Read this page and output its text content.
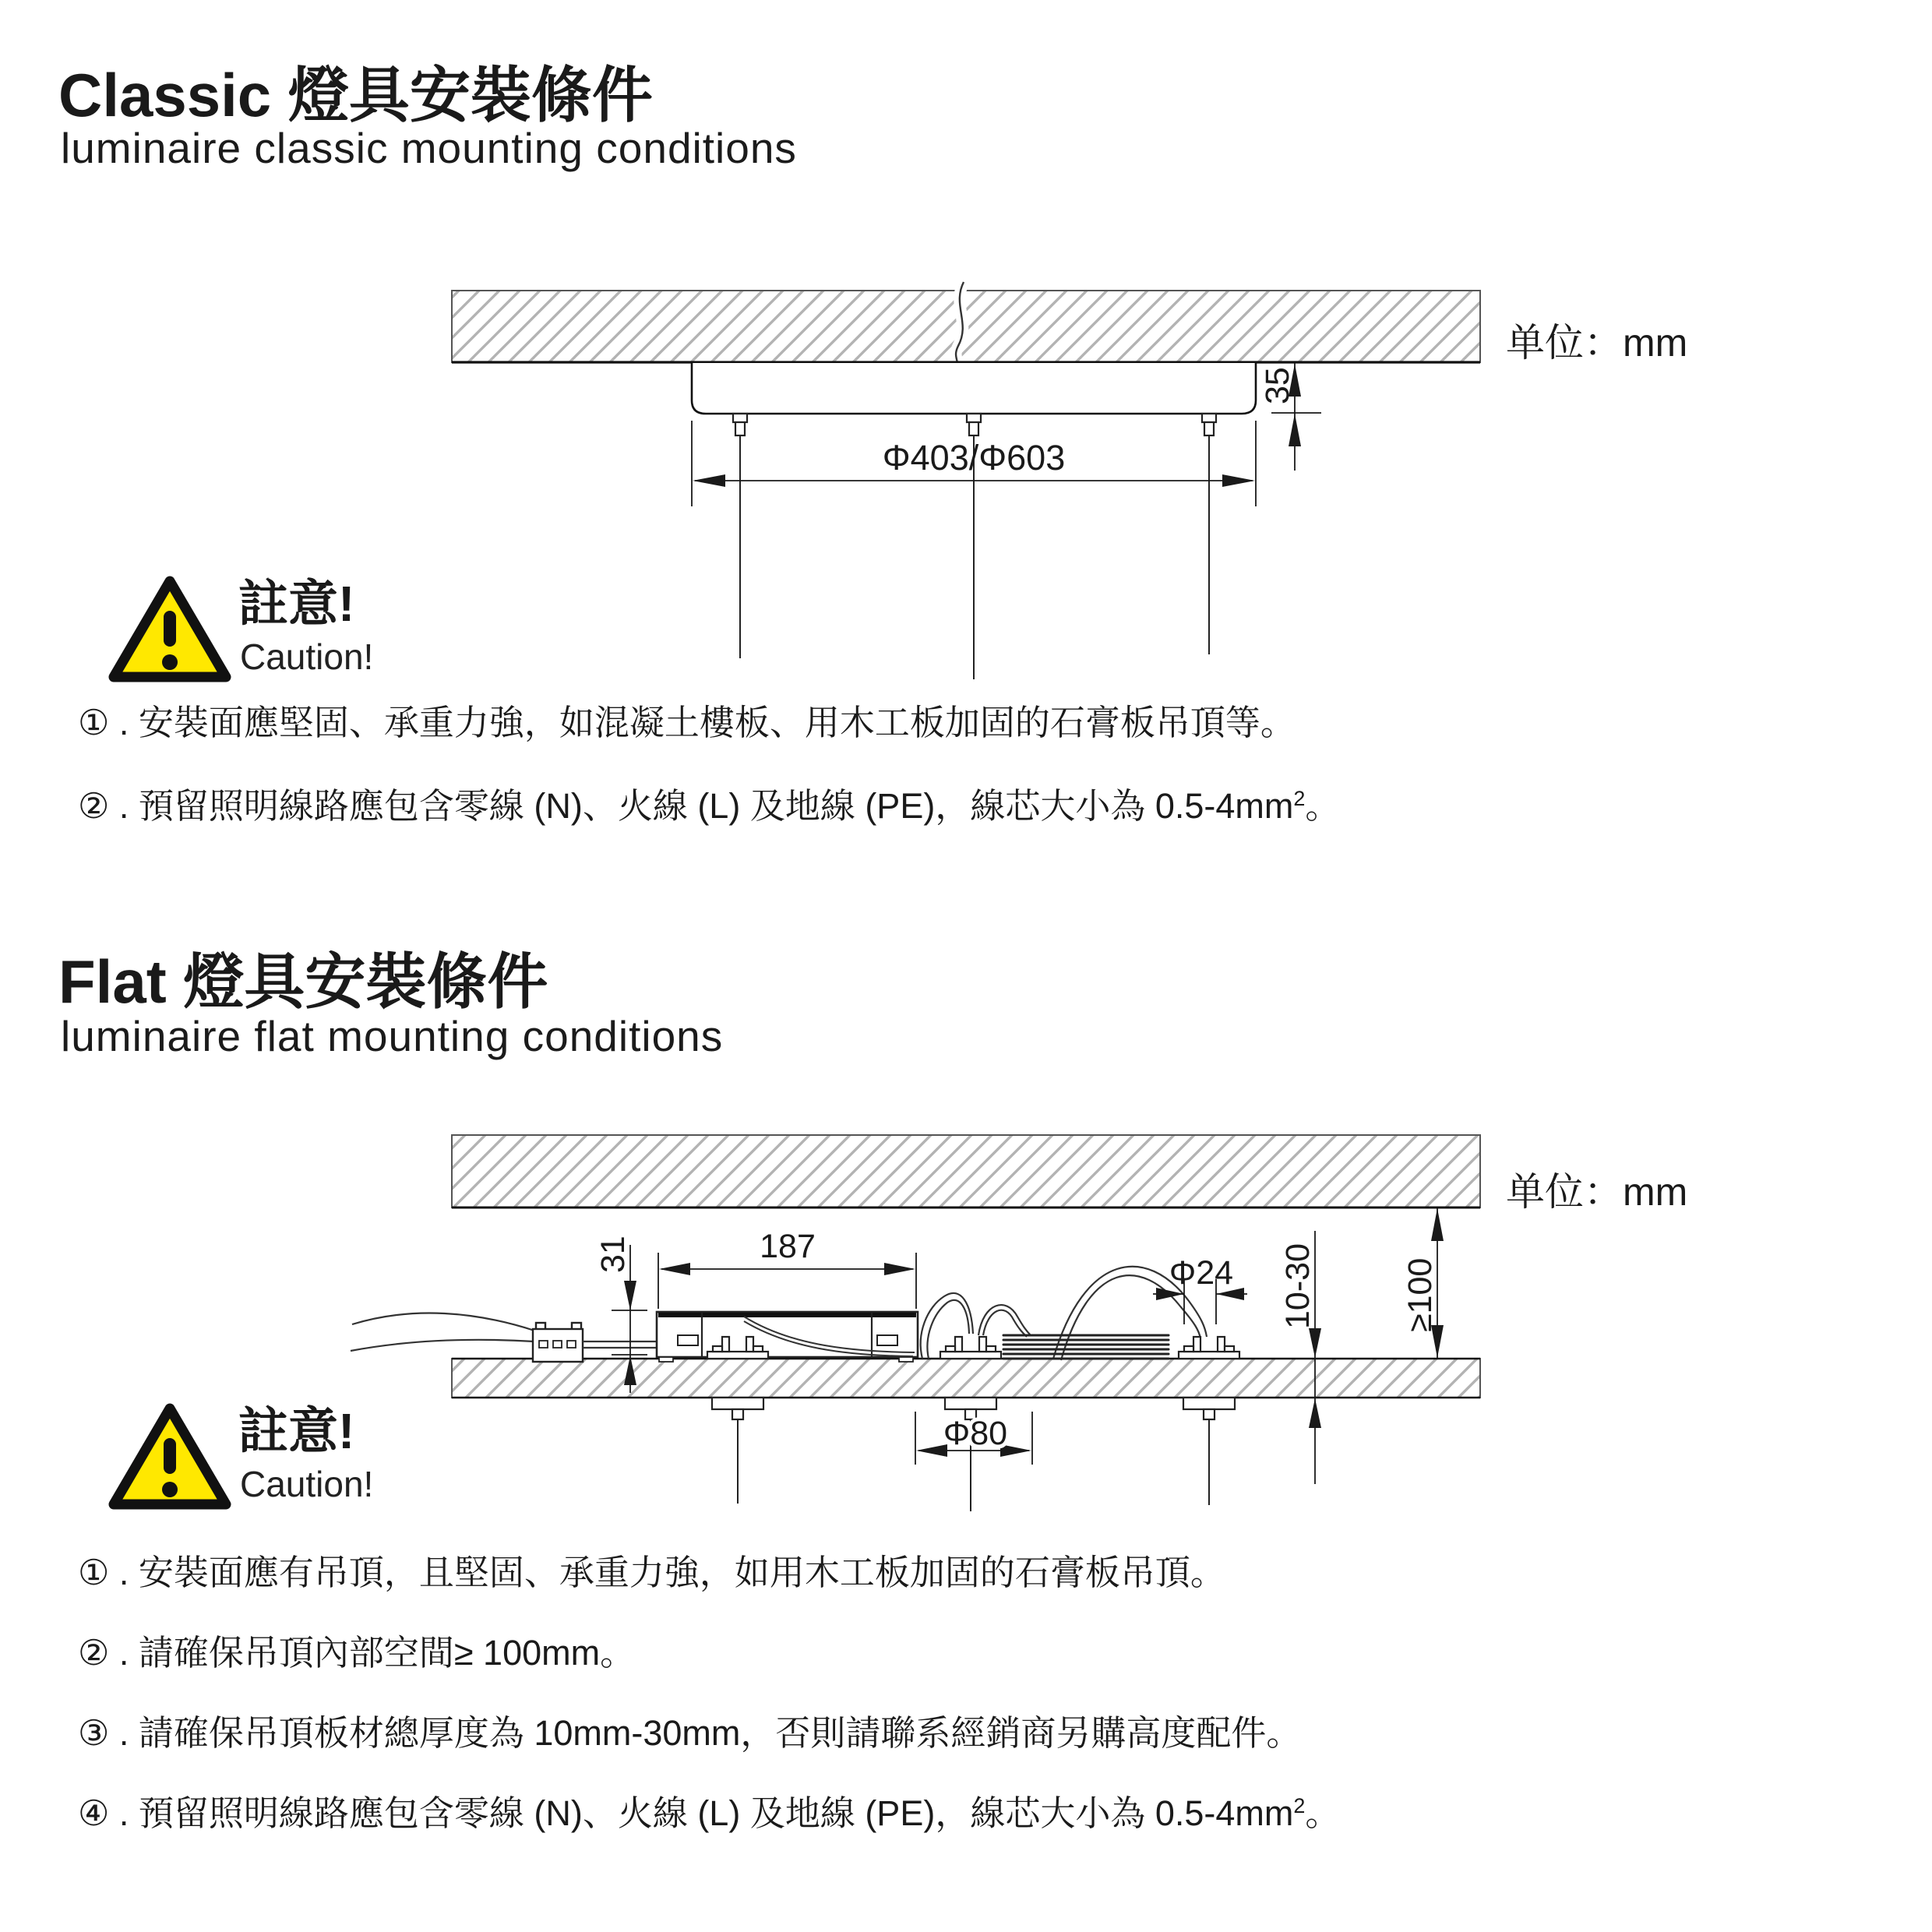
Φ403/Φ603
35
187
31	Φ24
Φ80
10-30	≥100
Classic 燈具安裝條件
luminaire classic mounting conditions
单位：mm
註意!
Caution!
① . 安裝面應堅固、承重力強，如混凝土樓板、用木工板加固的石膏板吊頂等。
② . 預留照明線路應包含零線 (N)、火線 (L) 及地線 (PE)，線芯大小為 $0.5-4mm^2$。
Flat 燈具安裝條件
luminaire flat mounting conditions
单位：mm
註意!
Caution!
① . 安裝面應有吊頂，且堅固、承重力強，如用木工板加固的石膏板吊頂。
② . 請確保吊頂內部空間≥ 100mm。
③ . 請確保吊頂板材總厚度為 10mm-30mm，否則請聯系經銷商另購高度配件。
④ . 預留照明線路應包含零線 (N)、火線 (L) 及地線 (PE)，線芯大小為 $0.5-4mm^2$。
